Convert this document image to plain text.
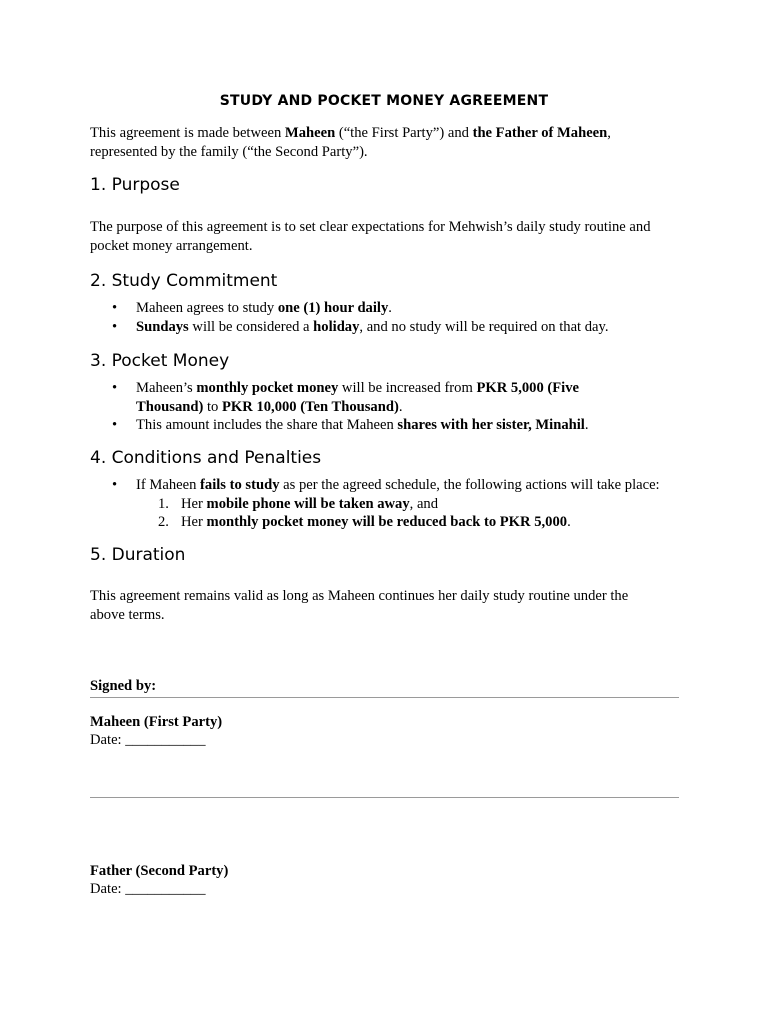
STUDY AND POCKET MONEY AGREEMENT
This agreement is made between Maheen (“the First Party”) and the Father of Maheen,
represented by the family (“the Second Party”).
1. Purpose
The purpose of this agreement is to set clear expectations for Mehwish’s daily study routine and pocket money arrangement.
2. Study Commitment
• Maheen agrees to study one (1) hour daily.
• Sundays will be considered a holiday, and no study will be required on that day.
3. Pocket Money
• Maheen’s monthly pocket money will be increased from PKR 5,000 (Five
Thousand) to PKR 10,000 (Ten Thousand).
• This amount includes the share that Maheen shares with her sister, Minahil.
4. Conditions and Penalties
• If Maheen fails to study as per the agreed schedule, the following actions will take place:
1. Her mobile phone will be taken away, and
2. Her monthly pocket money will be reduced back to PKR 5,000.
5. Duration
This agreement remains valid as long as Maheen continues her daily study routine under the above terms.
Signed by:
Maheen (First Party)
Date: ___________
Father (Second Party)
Date: ___________
